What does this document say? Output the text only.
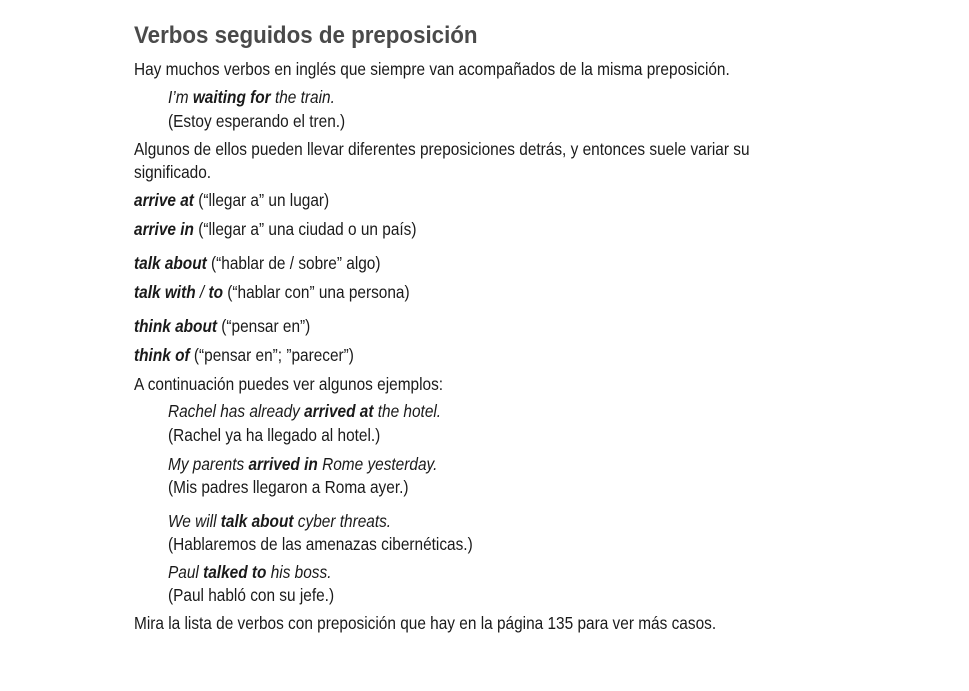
Verbos seguidos de preposición
Hay muchos verbos en inglés que siempre van acompañados de la misma preposición.
I’m waiting for the train.
(Estoy esperando el tren.)
Algunos de ellos pueden llevar diferentes preposiciones detrás, y entonces suele variar su
significado.
arrive at (“llegar a” un lugar)
arrive in (“llegar a” una ciudad o un país)
talk about (“hablar de / sobre” algo)
talk with / to (“hablar con” una persona)
think about (“pensar en”)
think of (“pensar en”; ”parecer”)
A continuación puedes ver algunos ejemplos:
Rachel has already arrived at the hotel.
(Rachel ya ha llegado al hotel.)
My parents arrived in Rome yesterday.
(Mis padres llegaron a Roma ayer.)
We will talk about cyber threats.
(Hablaremos de las amenazas cibernéticas.)
Paul talked to his boss.
(Paul habló con su jefe.)
Mira la lista de verbos con preposición que hay en la página 135 para ver más casos.
